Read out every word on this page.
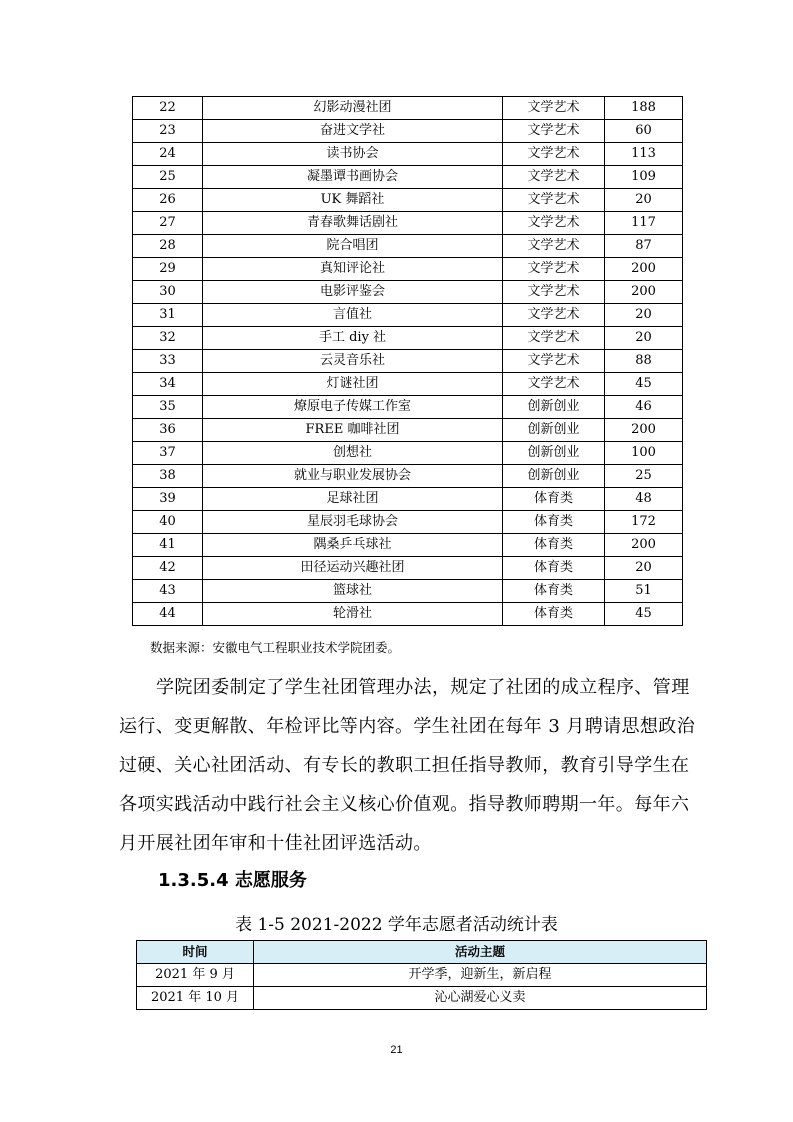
22	幻影动漫社团	文学艺术	188
23	奋进文学社	文学艺术	60
24	读书协会	文学艺术	113
25	凝墨谭书画协会	文学艺术	109
26	UK 舞蹈社	文学艺术	20
27	青春歌舞话剧社	文学艺术	117
28	院合唱团	文学艺术	87
29	真知评论社	文学艺术	200
30	电影评鉴会	文学艺术	200
31	言值社	文学艺术	20
32	手工 diy 社	文学艺术	20
33	云灵音乐社	文学艺术	88
34	灯谜社团	文学艺术	45
35	燎原电子传媒工作室	创新创业	46
36	FREE 咖啡社团	创新创业	200
37	创想社	创新创业	100
38	就业与职业发展协会	创新创业	25
39	足球社团	体育类	48
40	星辰羽毛球协会	体育类	172
41	隅桑乒乓球社	体育类	200
42	田径运动兴趣社团	体育类	20
43	篮球社	体育类	51
44	轮滑社	体育类	45
数据来源：安徽电气工程职业技术学院团委。

学院团委制定了学生社团管理办法，规定了社团的成立程序、管理运行、变更解散、年检评比等内容。学生社团在每年 3 月聘请思想政治过硬、关心社团活动、有专长的教职工担任指导教师，教育引导学生在各项实践活动中践行社会主义核心价值观。指导教师聘期一年。每年六月开展社团年审和十佳社团评选活动。

1.3.5.4 志愿服务
表 1-5 2021-2022 学年志愿者活动统计表
时间	活动主题
2021 年 9 月	开学季，迎新生，新启程
2021 年 10 月	沁心湖爱心义卖
21
